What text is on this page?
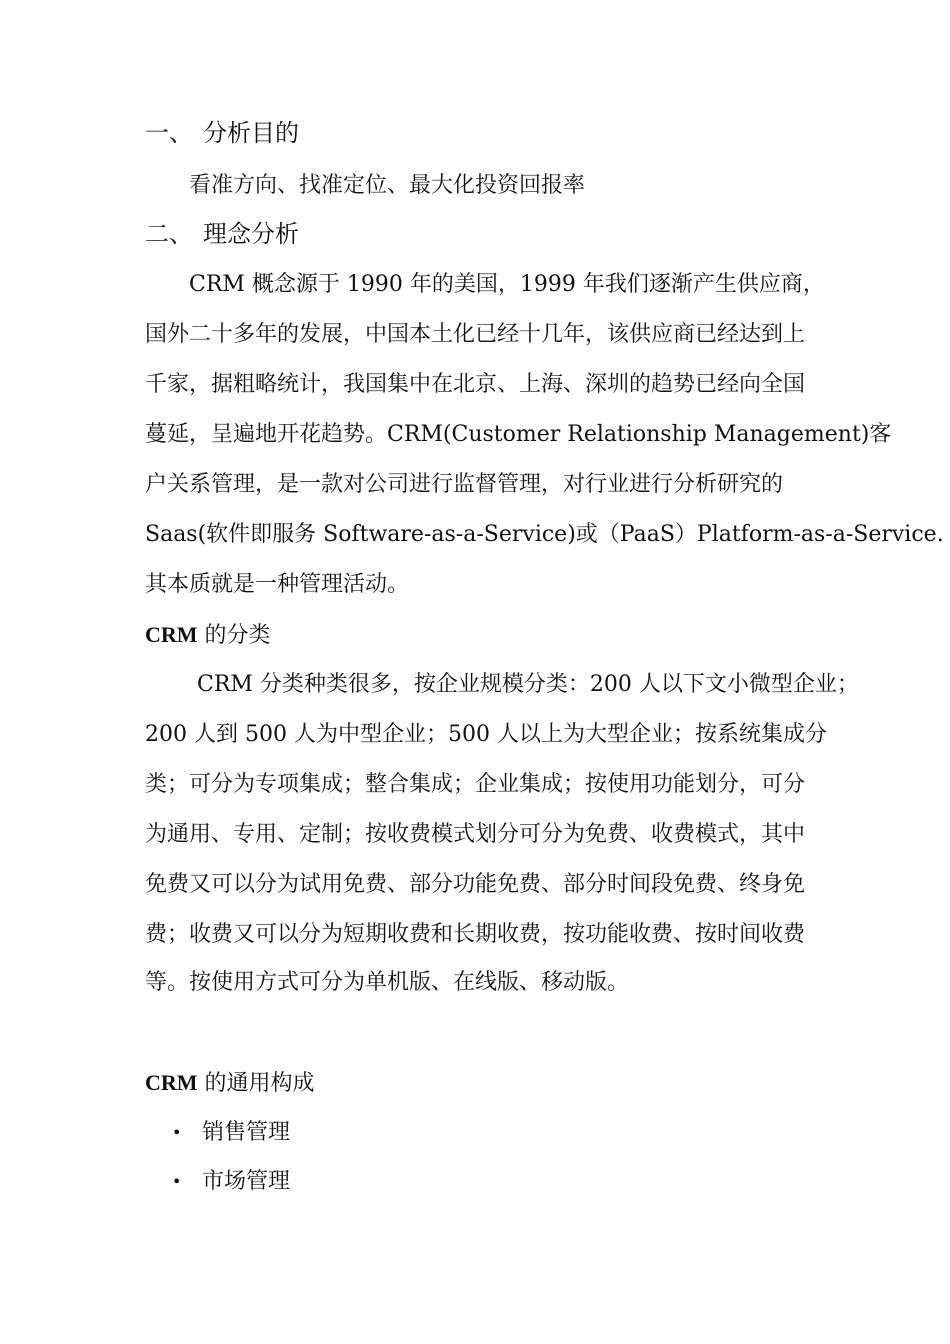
一、 分析目的
看准方向、找准定位、最大化投资回报率
二、 理念分析
CRM 概念源于 1990 年的美国，1999 年我们逐渐产生供应商，
国外二十多年的发展，中国本土化已经十几年，该供应商已经达到上
千家，据粗略统计，我国集中在北京、上海、深圳的趋势已经向全国
蔓延，呈遍地开花趋势。CRM(Customer Relationship Management)客
户关系管理，是一款对公司进行监督管理，对行业进行分析研究的
Saas(软件即服务 Software-as-a-Service)或（PaaS）Platform-as-a-Service.
其本质就是一种管理活动。
CRM 的分类
CRM 分类种类很多，按企业规模分类：200 人以下文小微型企业；
200 人到 500 人为中型企业；500 人以上为大型企业；按系统集成分
类；可分为专项集成；整合集成；企业集成；按使用功能划分，可分
为通用、专用、定制；按收费模式划分可分为免费、收费模式，其中
免费又可以分为试用免费、部分功能免费、部分时间段免费、终身免
费；收费又可以分为短期收费和长期收费，按功能收费、按时间收费
等。按使用方式可分为单机版、在线版、移动版。
CRM 的通用构成
• 销售管理
• 市场管理
